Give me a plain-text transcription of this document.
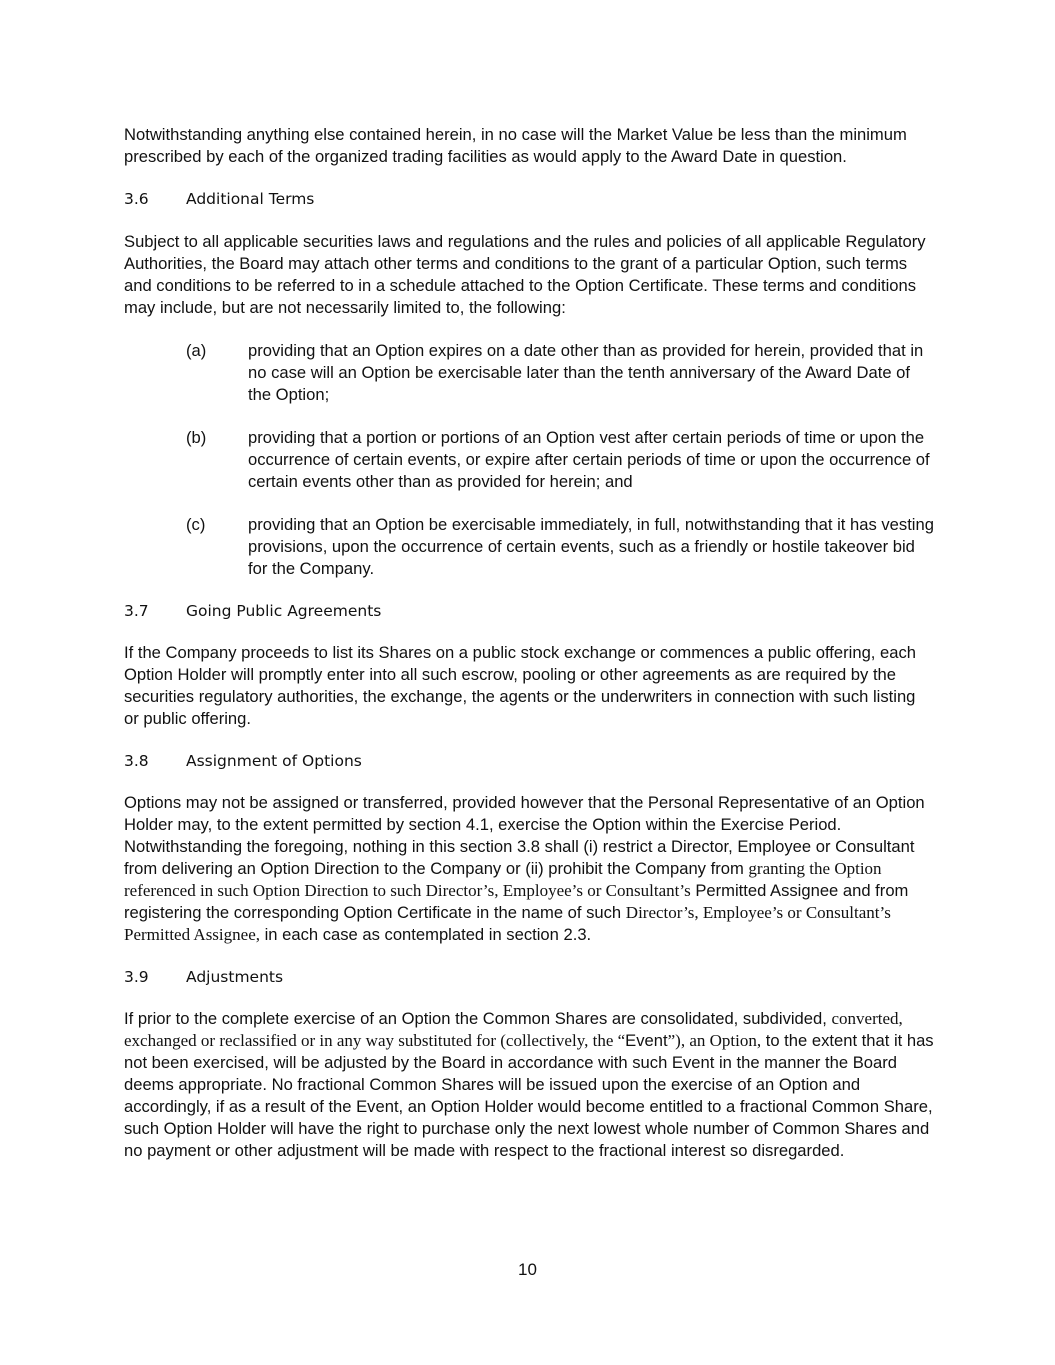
Notwithstanding anything else contained herein, in no case will the Market Value be less than the minimum prescribed by each of the organized trading facilities as would apply to the Award Date in question.

3.6	Additional Terms

Subject to all applicable securities laws and regulations and the rules and policies of all applicable Regulatory Authorities, the Board may attach other terms and conditions to the grant of a particular Option, such terms and conditions to be referred to in a schedule attached to the Option Certificate. These terms and conditions may include, but are not necessarily limited to, the following:

(a)	providing that an Option expires on a date other than as provided for herein, provided that in no case will an Option be exercisable later than the tenth anniversary of the Award Date of the Option;
(b)	providing that a portion or portions of an Option vest after certain periods of time or upon the occurrence of certain events, or expire after certain periods of time or upon the occurrence of certain events other than as provided for herein; and
(c)	providing that an Option be exercisable immediately, in full, notwithstanding that it has vesting provisions, upon the occurrence of certain events, such as a friendly or hostile takeover bid for the Company.
3.7	Going Public Agreements

If the Company proceeds to list its Shares on a public stock exchange or commences a public offering, each Option Holder will promptly enter into all such escrow, pooling or other agreements as are required by the securities regulatory authorities, the exchange, the agents or the underwriters in connection with such listing or public offering.

3.8	Assignment of Options

Options may not be assigned or transferred, provided however that the Personal Representative of an Option Holder may, to the extent permitted by section 4.1, exercise the Option within the Exercise Period. Notwithstanding the foregoing, nothing in this section 3.8 shall (i) restrict a Director, Employee or Consultant from delivering an Option Direction to the Company or (ii) prohibit the Company from granting the Option referenced in such Option Direction to such Director’s, Employee’s or Consultant’s Permitted Assignee and from registering the corresponding Option Certificate in the name of such Director’s, Employee’s or Consultant’s Permitted Assignee, in each case as contemplated in section 2.3.

3.9	Adjustments

If prior to the complete exercise of an Option the Common Shares are consolidated, subdivided, converted, exchanged or reclassified or in any way substituted for (collectively, the “Event”), an Option, to the extent that it has not been exercised, will be adjusted by the Board in accordance with such Event in the manner the Board deems appropriate. No fractional Common Shares will be issued upon the exercise of an Option and accordingly, if as a result of the Event, an Option Holder would become entitled to a fractional Common Share, such Option Holder will have the right to purchase only the next lowest whole number of Common Shares and no payment or other adjustment will be made with respect to the fractional interest so disregarded.

10
